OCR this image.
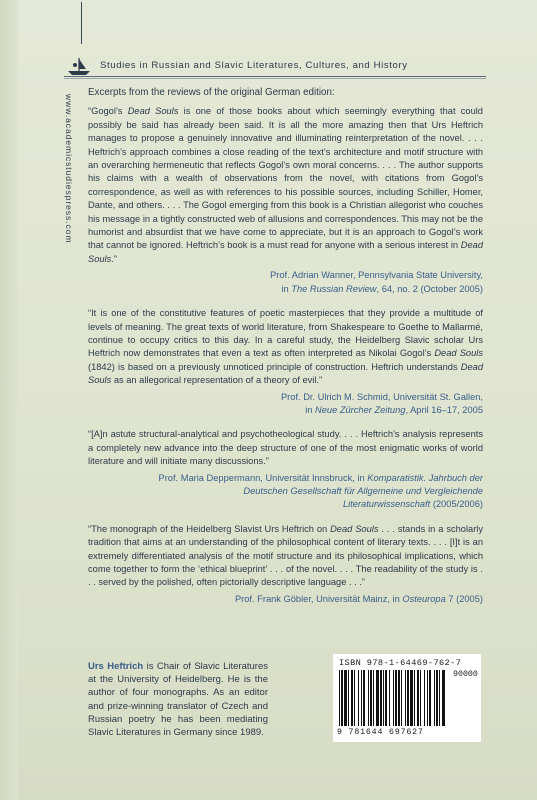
Studies in Russian and Slavic Literatures, Cultures, and History
www.academicstudiespress.com

Excerpts from the reviews of the original German edition:

“Gogol’s Dead Souls is one of those books about which seemingly everything that could possibly be said has already been said. It is all the more amazing then that Urs Heftrich manages to propose a genuinely innovative and illuminating reinterpretation of the novel. . . . Heftrich’s approach combines a close reading of the text’s architecture and motif structure with an overarching hermeneutic that reflects Gogol’s own moral concerns. . . . The author supports his claims with a wealth of observations from the novel, with citations from Gogol’s correspondence, as well as with references to his possible sources, including Schiller, Homer, Dante, and others. . . . The Gogol emerging from this book is a Christian allegorist who couches his message in a tightly constructed web of allusions and correspondences. This may not be the humorist and absurdist that we have come to appreciate, but it is an approach to Gogol’s work that cannot be ignored. Heftrich’s book is a must read for anyone with a serious interest in Dead Souls.”

Prof. Adrian Wanner, Pennsylvania State University,
in The Russian Review, 64, no. 2 (October 2005)

“It is one of the constitutive features of poetic masterpieces that they provide a multitude of levels of meaning. The great texts of world literature, from Shakespeare to Goethe to Mallarmé, continue to occupy critics to this day. In a careful study, the Heidelberg Slavic scholar Urs Heftrich now demonstrates that even a text as often interpreted as Nikolai Gogol’s Dead Souls (1842) is based on a previously unnoticed principle of construction. Heftrich understands Dead Souls as an allegorical representation of a theory of evil.”

Prof. Dr. Ulrich M. Schmid, Universität St. Gallen,
in Neue Zürcher Zeitung, April 16–17, 2005

“[A]n astute structural-analytical and psychotheological study. . . . Heftrich’s analysis represents a completely new advance into the deep structure of one of the most enigmatic works of world literature and will initiate many discussions.”

Prof. Maria Deppermann, Universität Innsbruck, in Komparatistik. Jahrbuch der
Deutschen Gesellschaft für Allgemeine und Vergleichende
Literaturwissenschaft (2005/2006)

“The monograph of the Heidelberg Slavist Urs Heftrich on Dead Souls . . . stands in a scholarly tradition that aims at an understanding of the philosophical content of literary texts. . . . [I]t is an extremely differentiated analysis of the motif structure and its philosophical implications, which come together to form the ‘ethical blueprint’ . . . of the novel. . . . The readability of the study is . . . served by the polished, often pictorially descriptive language . . .”

Prof. Frank Göbler, Universität Mainz, in Osteuropa 7 (2005)

Urs Heftrich is Chair of Slavic Literatures at the University of Heidelberg. He is the author of four monographs. As an editor and prize-winning translator of Czech and Russian poetry he has been mediating Slavic Literatures in Germany since 1989.
ISBN 978-1-64469-762-7
90000
9 781644 697627
